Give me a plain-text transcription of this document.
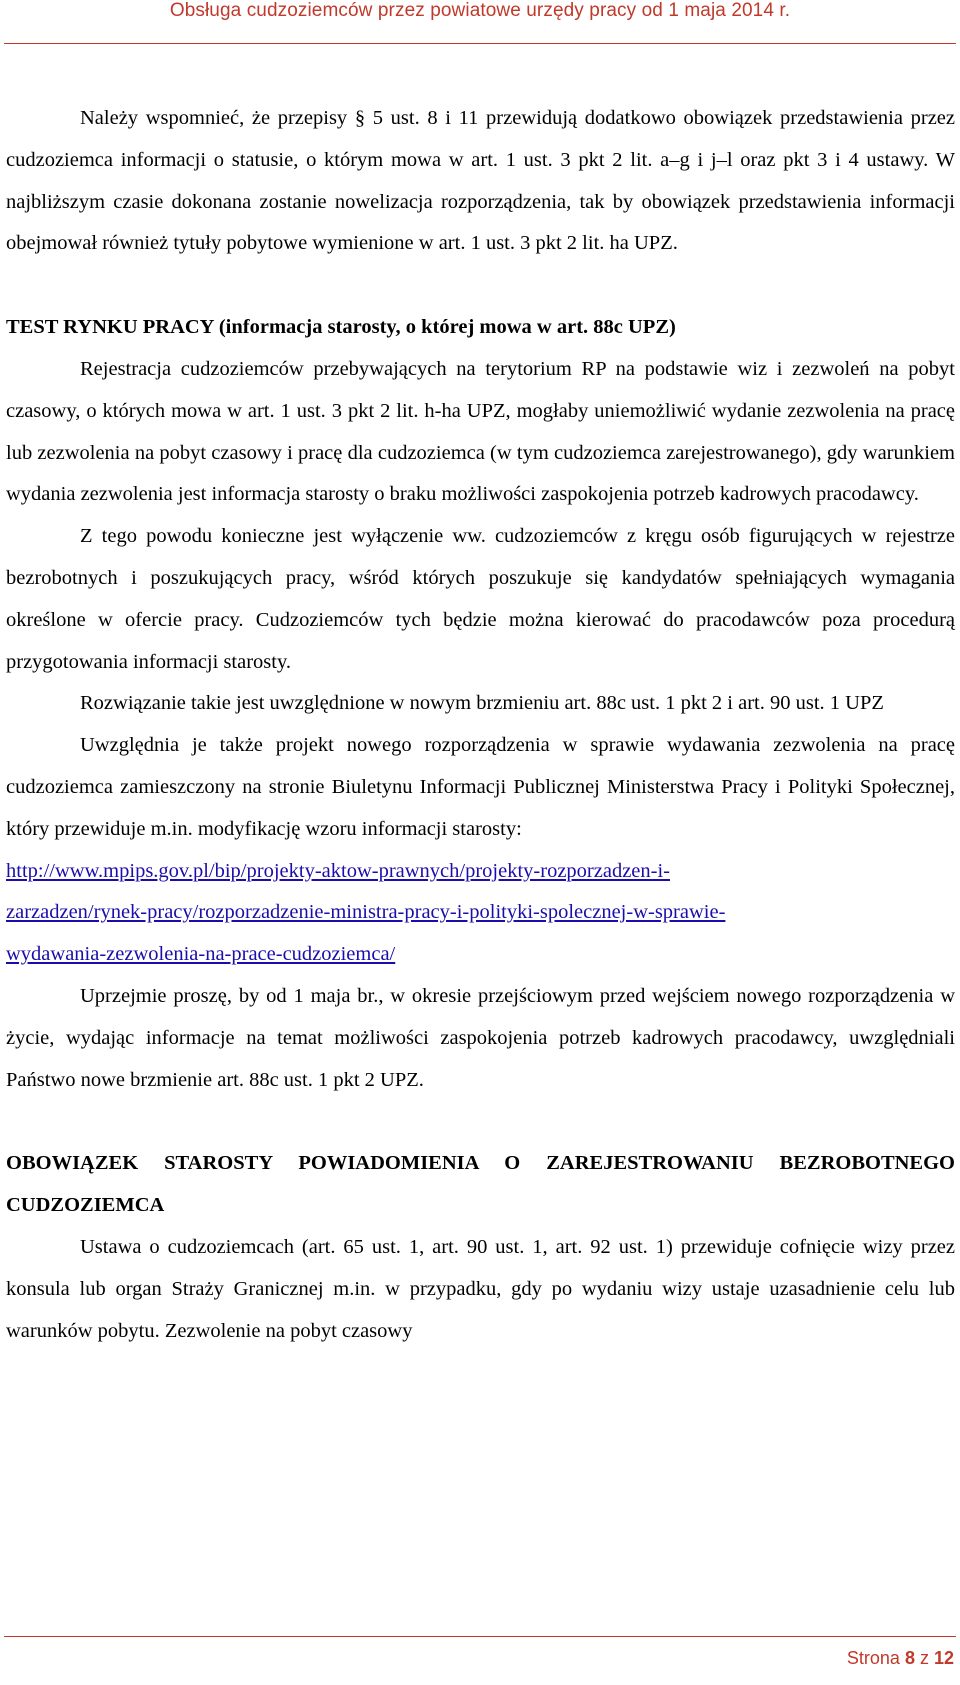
Obsługa cudzoziemców przez powiatowe urzędy pracy od 1 maja 2014 r.

Należy wspomnieć, że przepisy § 5 ust. 8 i 11 przewidują dodatkowo obowiązek przedstawienia przez cudzoziemca informacji o statusie, o którym mowa w art. 1 ust. 3 pkt 2 lit. a–g i j–l oraz pkt 3 i 4 ustawy. W najbliższym czasie dokonana zostanie nowelizacja rozporządzenia, tak by obowiązek przedstawienia informacji obejmował również tytuły pobytowe wymienione w art. 1 ust. 3 pkt 2 lit. ha UPZ.

TEST RYNKU PRACY (informacja starosty, o której mowa w art. 88c UPZ)

Rejestracja cudzoziemców przebywających na terytorium RP na podstawie wiz i zezwoleń na pobyt czasowy, o których mowa w art. 1 ust. 3 pkt 2 lit. h-ha UPZ, mogłaby uniemożliwić wydanie zezwolenia na pracę lub zezwolenia na pobyt czasowy i pracę dla cudzoziemca (w tym cudzoziemca zarejestrowanego), gdy warunkiem wydania zezwolenia jest informacja starosty o braku możliwości zaspokojenia potrzeb kadrowych pracodawcy.

Z tego powodu konieczne jest wyłączenie ww. cudzoziemców z kręgu osób figurujących w rejestrze bezrobotnych i poszukujących pracy, wśród których poszukuje się kandydatów spełniających wymagania określone w ofercie pracy. Cudzoziemców tych będzie można kierować do pracodawców poza procedurą przygotowania informacji starosty.

Rozwiązanie takie jest uwzględnione w nowym brzmieniu art. 88c ust. 1 pkt 2 i art. 90 ust. 1 UPZ

Uwzględnia je także projekt nowego rozporządzenia w sprawie wydawania zezwolenia na pracę cudzoziemca zamieszczony na stronie Biuletynu Informacji Publicznej Ministerstwa Pracy i Polityki Społecznej, który przewiduje m.in. modyfikację wzoru informacji starosty:

http://www.mpips.gov.pl/bip/projekty-aktow-prawnych/projekty-rozporzadzen-i-
zarzadzen/rynek-pracy/rozporzadzenie-ministra-pracy-i-polityki-spolecznej-w-sprawie-
wydawania-zezwolenia-na-prace-cudzoziemca/

Uprzejmie proszę, by od 1 maja br., w okresie przejściowym przed wejściem nowego rozporządzenia w życie, wydając informacje na temat możliwości zaspokojenia potrzeb kadrowych pracodawcy, uwzględniali Państwo nowe brzmienie art. 88c ust. 1 pkt 2 UPZ.

OBOWIĄZEK STAROSTY POWIADOMIENIA O ZAREJESTROWANIU BEZROBOTNEGO CUDZOZIEMCA

Ustawa o cudzoziemcach (art. 65 ust. 1, art. 90 ust. 1, art. 92 ust. 1) przewiduje cofnięcie wizy przez konsula lub organ Straży Granicznej m.in. w przypadku, gdy po wydaniu wizy ustaje uzasadnienie celu lub warunków pobytu. Zezwolenie na pobyt czasowy

Strona 8 z 12
